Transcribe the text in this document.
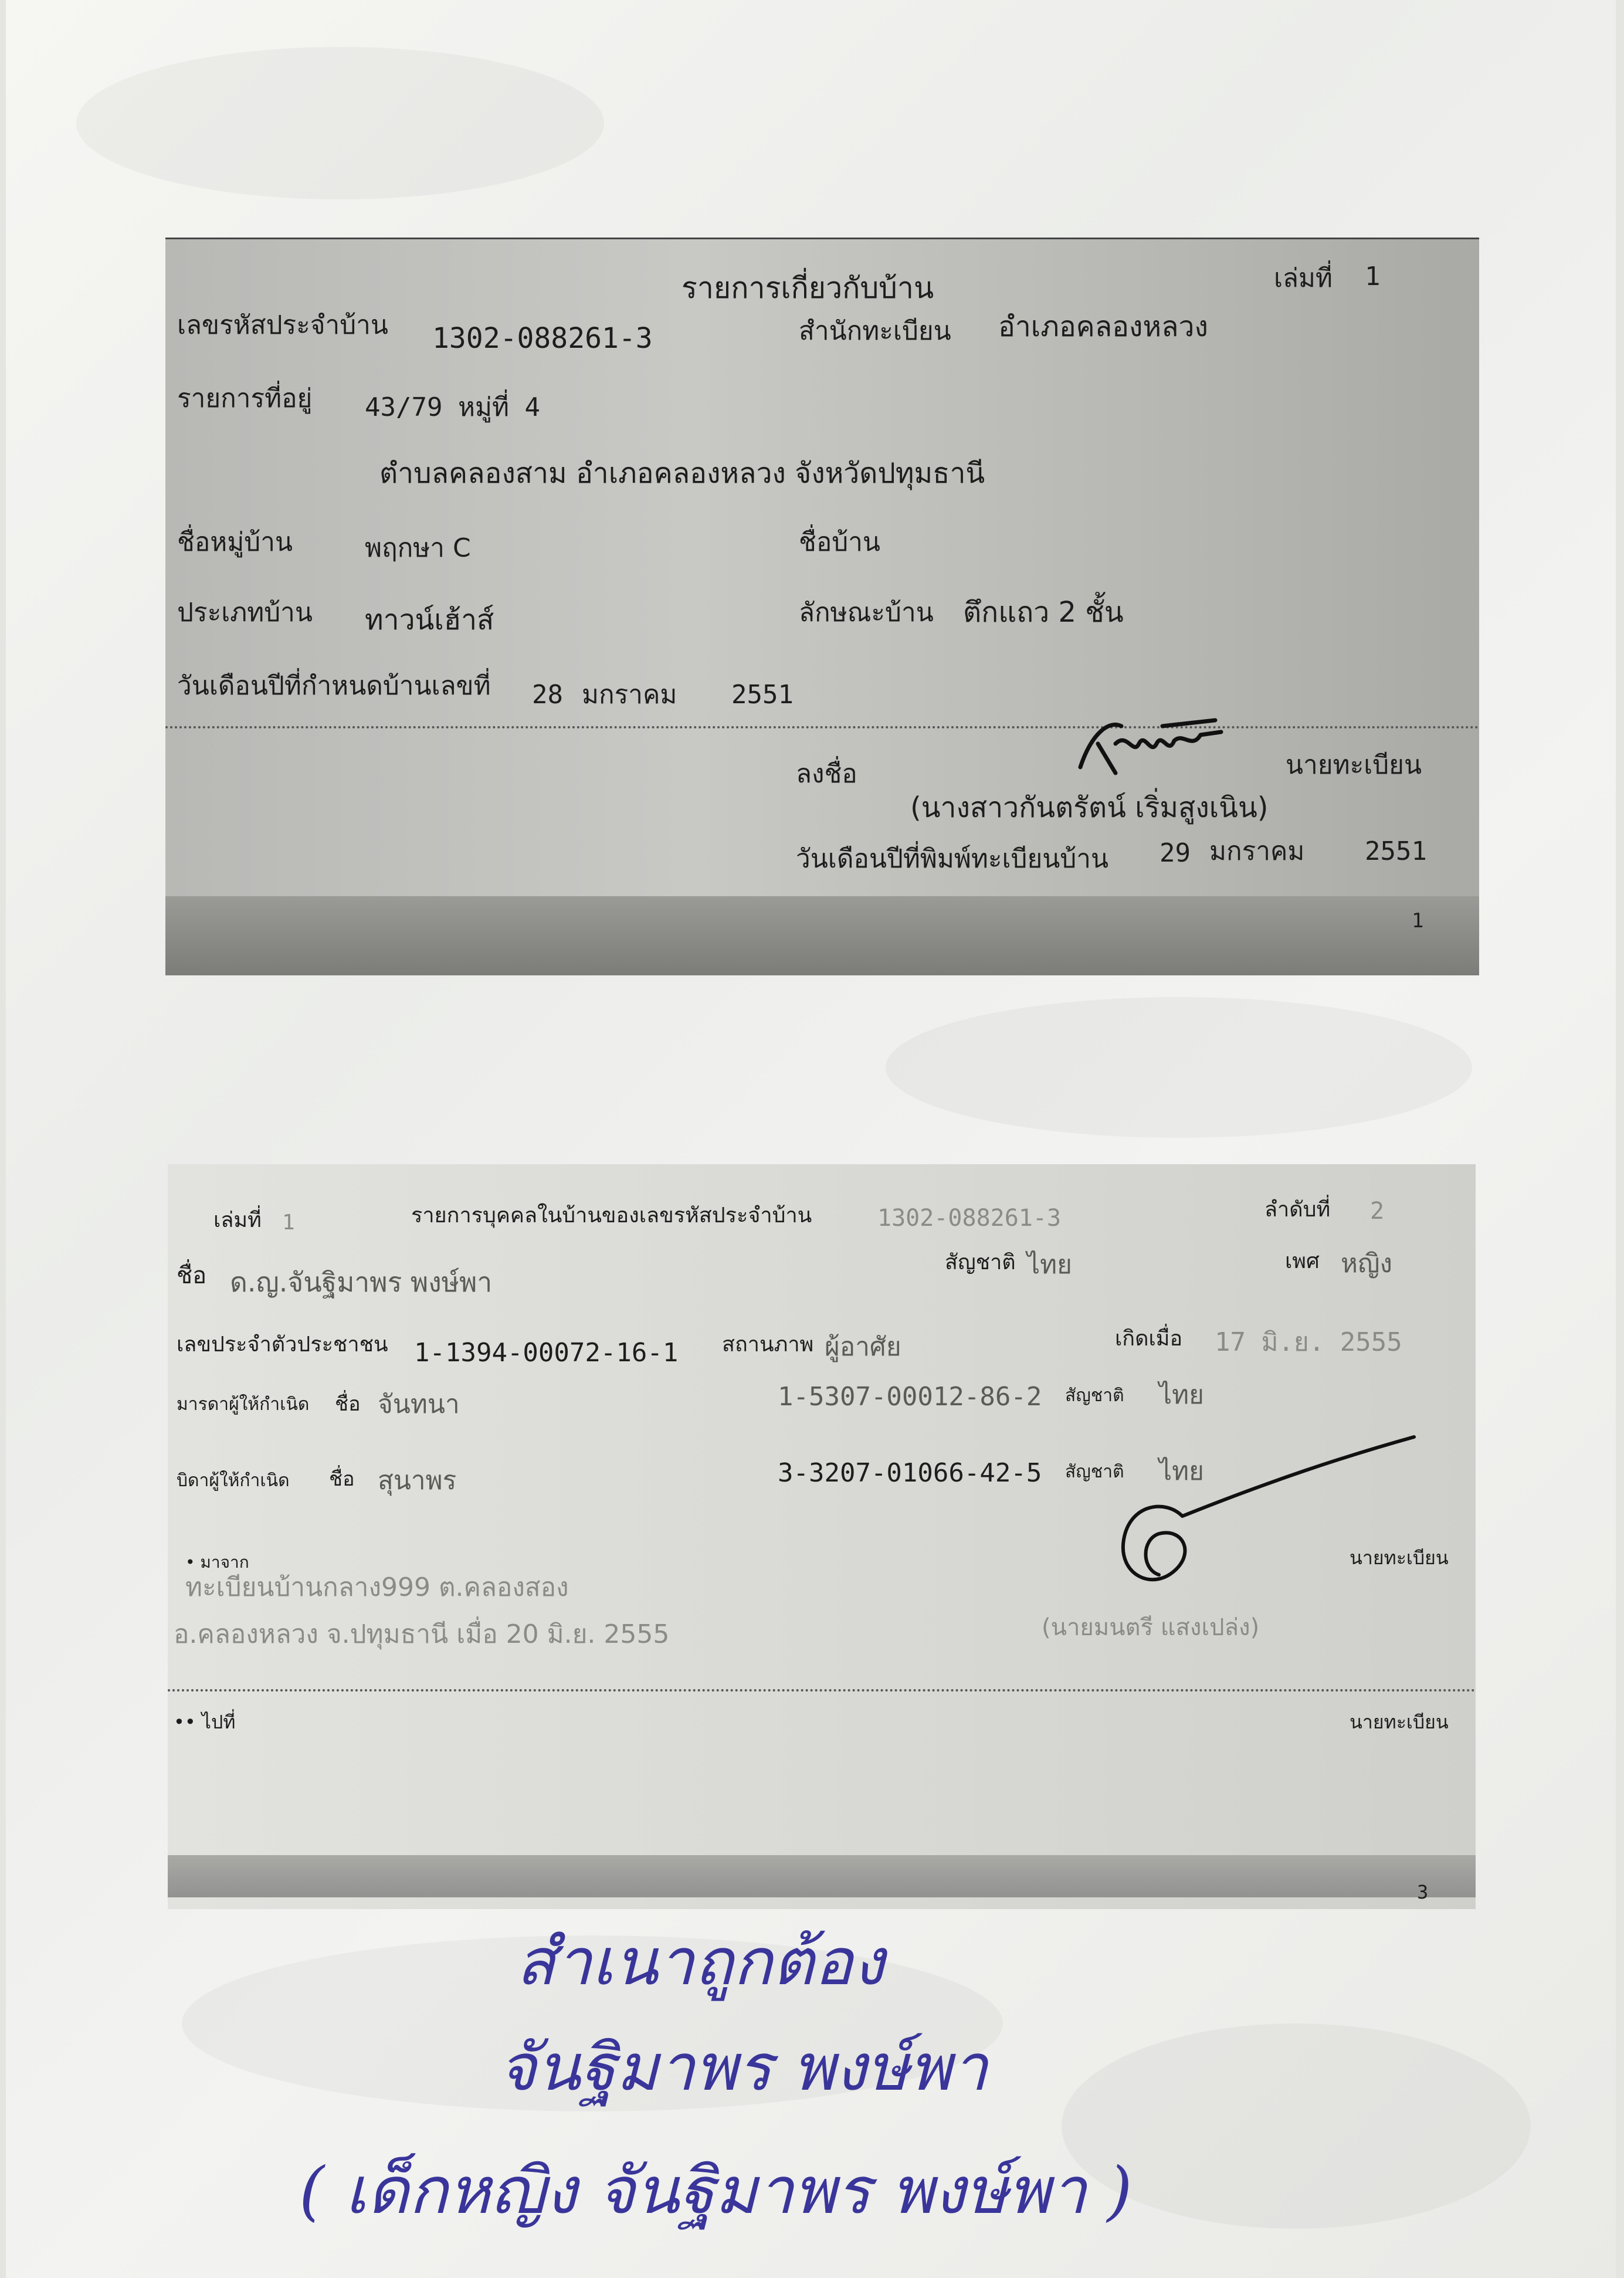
รายการเกี่ยวกับบ้าน	เล่มที่ 1
เลขรหัสประจำบ้าน 1302-088261-3	สำนักทะเบียน อำเภอคลองหลวง
รายการที่อยู่ 43/79 หมู่ที่ 4
ตำบลคลองสาม อำเภอคลองหลวง จังหวัดปทุมธานี
ชื่อหมู่บ้าน	พฤกษา C	ชื่อบ้าน
ประเภทบ้าน ทาวน์เฮ้าส์	ลักษณะบ้าน ตึกแถว 2 ชั้น
วันเดือนปีที่กำหนดบ้านเลขที่ 28 มกราคม 2551
ลงชื่อ	นายทะเบียน
(นางสาวกันตรัตน์ เริ่มสูงเนิน)
วันเดือนปีที่พิมพ์ทะเบียนบ้าน 29 มกราคม 2551
1
เล่มที่ 1	รายการบุคคลในบ้านของเลขรหัสประจำบ้าน	1302-088261-3	ลำดับที่ 2
ชื่อ ด.ญ.จันฐิมาพร พงษ์พา
สัญชาติ ไทย	เพศ หญิง
เลขประจำตัวประชาชน 1-1394-00072-16-1 สถานภาพ ผู้อาศัย	เกิดเมื่อ 17 มิ.ย. 2555
มารดาผู้ให้กำเนิด ชื่อ จันทนา	1-5307-00012-86-2 สัญชาติ ไทย
บิดาผู้ให้กำเนิด ชื่อ สุนาพร	3-3207-01066-42-5 สัญชาติ ไทย
• มาจาก
ทะเบียนบ้านกลาง999 ต.คลองสอง
อ.คลองหลวง จ.ปทุมธานี เมื่อ 20 มิ.ย. 2555
นายทะเบียน
(นายมนตรี แสงเปล่ง)
•• ไปที่	นายทะเบียน
3
สำเนาถูกต้อง
จันฐิมาพร พงษ์พา
( เด็กหญิง จันฐิมาพร พงษ์พา )
